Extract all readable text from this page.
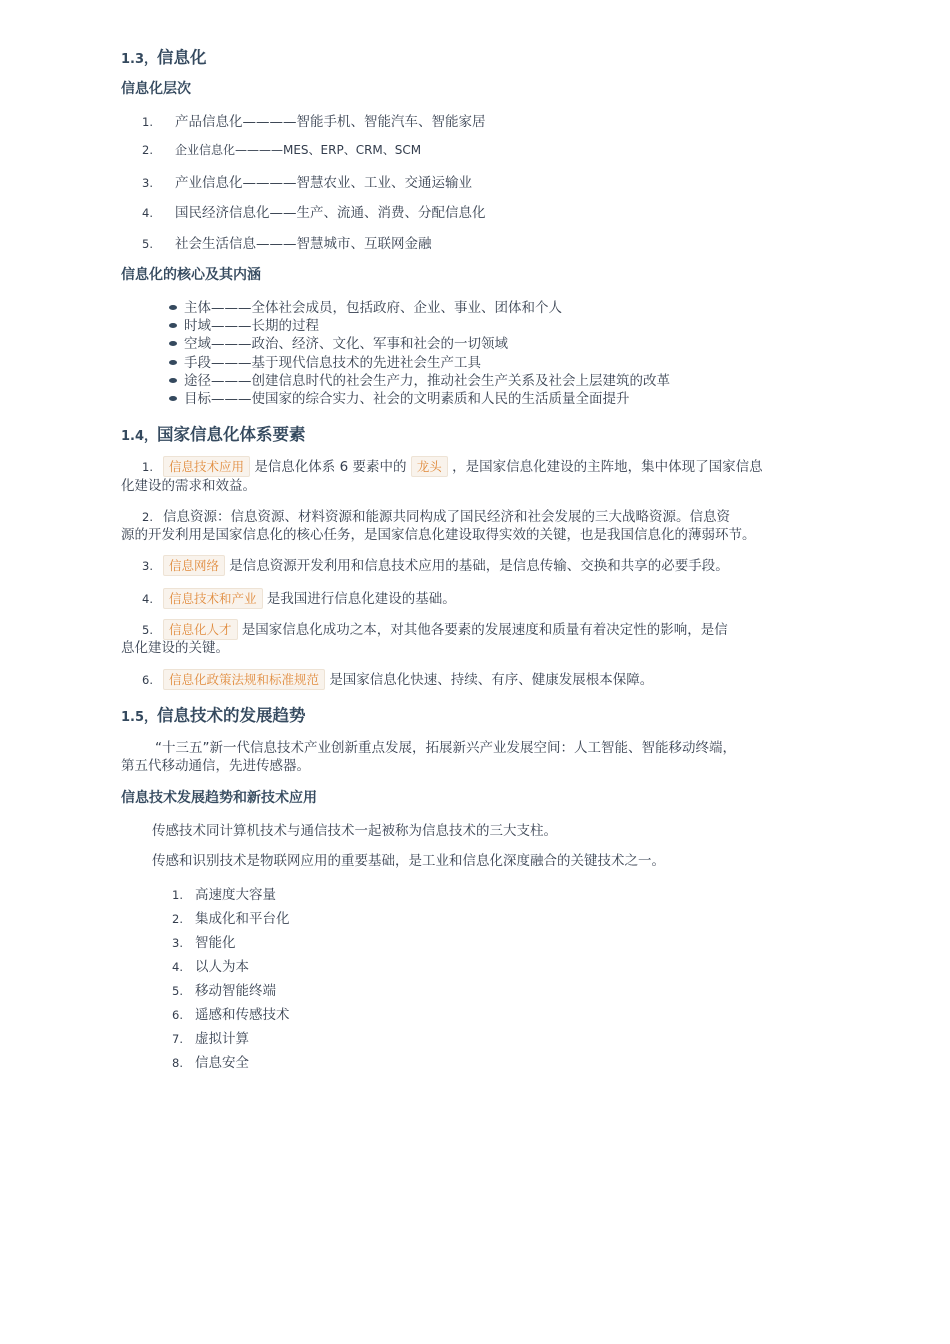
1.3，信息化
信息化层次
1. 产品信息化————智能手机、智能汽车、智能家居
2. 企业信息化————MES、ERP、CRM、SCM
3. 产业信息化————智慧农业、工业、交通运输业
4. 国民经济信息化——生产、流通、消费、分配信息化
5. 社会生活信息———智慧城市、互联网金融
信息化的核心及其内涵
主体———全体社会成员，包括政府、企业、事业、团体和个人
时域———长期的过程
空域———政治、经济、文化、军事和社会的一切领域
手段———基于现代信息技术的先进社会生产工具
途径———创建信息时代的社会生产力，推动社会生产关系及社会上层建筑的改革
目标———使国家的综合实力、社会的文明素质和人民的生活质量全面提升
1.4，国家信息化体系要素
1. 信息技术应用 是信息化体系 6 要素中的 龙头 ，是国家信息化建设的主阵地，集中体现了国家信息
化建设的需求和效益。
2. 信息资源：信息资源、材料资源和能源共同构成了国民经济和社会发展的三大战略资源。信息资
源的开发利用是国家信息化的核心任务，是国家信息化建设取得实效的关键，也是我国信息化的薄弱环节。
3. 信息网络 是信息资源开发利用和信息技术应用的基础，是信息传输、交换和共享的必要手段。
4. 信息技术和产业 是我国进行信息化建设的基础。
5. 信息化人才 是国家信息化成功之本，对其他各要素的发展速度和质量有着决定性的影响，是信
息化建设的关键。
6. 信息化政策法规和标准规范 是国家信息化快速、持续、有序、健康发展根本保障。
1.5，信息技术的发展趋势
“十三五”新一代信息技术产业创新重点发展，拓展新兴产业发展空间：人工智能、智能移动终端，
第五代移动通信，先进传感器。
信息技术发展趋势和新技术应用
传感技术同计算机技术与通信技术一起被称为信息技术的三大支柱。
传感和识别技术是物联网应用的重要基础，是工业和信息化深度融合的关键技术之一。
1. 高速度大容量
2. 集成化和平台化
3. 智能化
4. 以人为本
5. 移动智能终端
6. 遥感和传感技术
7. 虚拟计算
8. 信息安全
